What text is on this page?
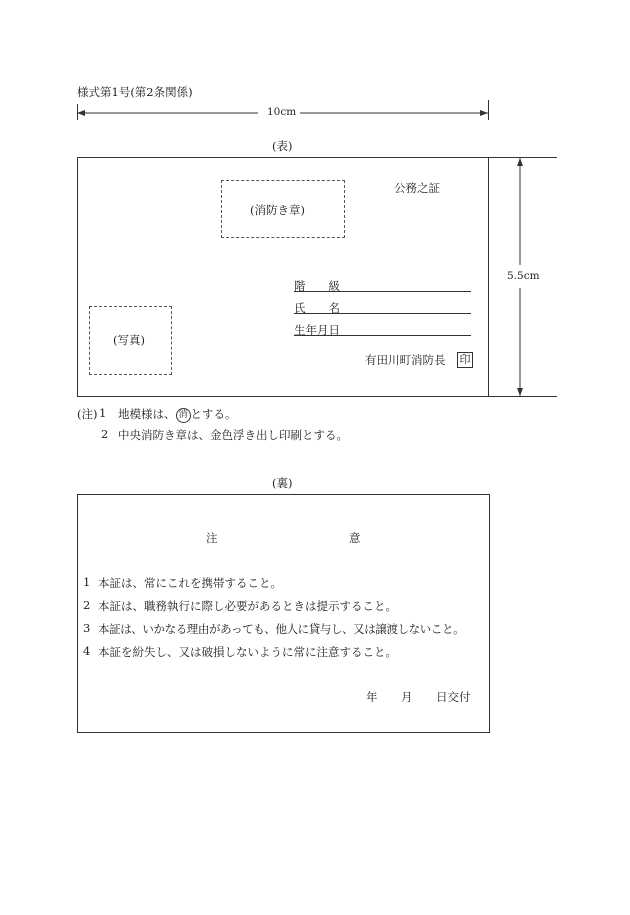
様式第1号(第2条関係)
10cm
5.5cm
(表)
(消防き章)
公務之証
(写真)
階　　級
氏　　名
生年月日
有田川町消防長 印
(注) 1 地模様は、 消 とする。
2 中央消防き章は、金色浮き出し印刷とする。
(裏)
注	意
1 本証は、常にこれを携帯すること。
2 本証は、職務執行に際し必要があるときは提示すること。
3 本証は、いかなる理由があっても、他人に貸与し、又は譲渡しないこと。
4 本証を紛失し、又は破損しないように常に注意すること。
年 月 日交付
